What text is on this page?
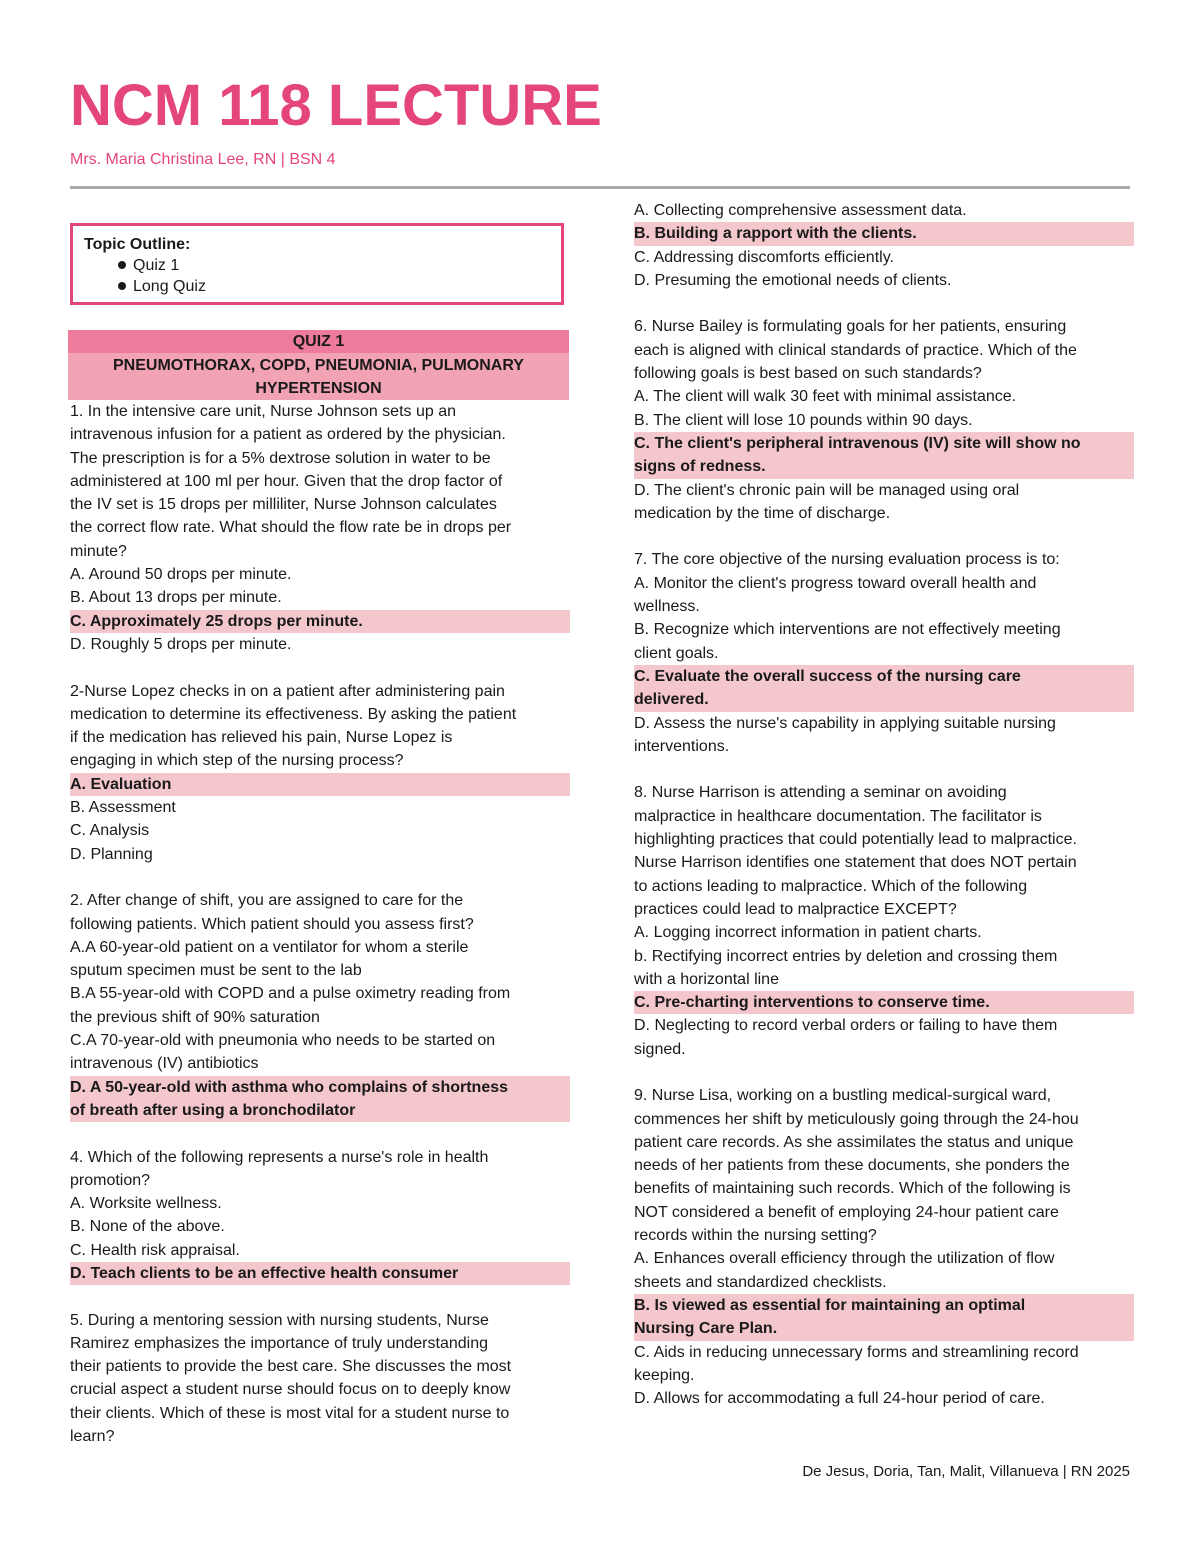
NCM 118 LECTURE
Mrs. Maria Christina Lee, RN | BSN 4
Topic Outline:
Quiz 1
Long Quiz
QUIZ 1
PNEUMOTHORAX, COPD, PNEUMONIA, PULMONARY HYPERTENSION

1. In the intensive care unit, Nurse Johnson sets up an

intravenous infusion for a patient as ordered by the physician.

The prescription is for a 5% dextrose solution in water to be

administered at 100 ml per hour. Given that the drop factor of

the IV set is 15 drops per milliliter, Nurse Johnson calculates

the correct flow rate. What should the flow rate be in drops per

minute?

A. Around 50 drops per minute.

B. About 13 drops per minute.

C. Approximately 25 drops per minute.

D. Roughly 5 drops per minute.

2-Nurse Lopez checks in on a patient after administering pain

medication to determine its effectiveness. By asking the patient

if the medication has relieved his pain, Nurse Lopez is

engaging in which step of the nursing process?

A. Evaluation

B. Assessment

C. Analysis

D. Planning

2. After change of shift, you are assigned to care for the

following patients. Which patient should you assess first?

A.A 60-year-old patient on a ventilator for whom a sterile

sputum specimen must be sent to the lab

B.A 55-year-old with COPD and a pulse oximetry reading from

the previous shift of 90% saturation

C.A 70-year-old with pneumonia who needs to be started on

intravenous (IV) antibiotics

D. A 50-year-old with asthma who complains of shortness

of breath after using a bronchodilator

4. Which of the following represents a nurse's role in health

promotion?

A. Worksite wellness.

B. None of the above.

C. Health risk appraisal.

D. Teach clients to be an effective health consumer

5. During a mentoring session with nursing students, Nurse

Ramirez emphasizes the importance of truly understanding

their patients to provide the best care. She discusses the most

crucial aspect a student nurse should focus on to deeply know

their clients. Which of these is most vital for a student nurse to

learn?

A. Collecting comprehensive assessment data.

B. Building a rapport with the clients.

C. Addressing discomforts efficiently.

D. Presuming the emotional needs of clients.

6. Nurse Bailey is formulating goals for her patients, ensuring

each is aligned with clinical standards of practice. Which of the

following goals is best based on such standards?

A. The client will walk 30 feet with minimal assistance.

B. The client will lose 10 pounds within 90 days.

C. The client's peripheral intravenous (IV) site will show no

signs of redness.

D. The client's chronic pain will be managed using oral

medication by the time of discharge.

7. The core objective of the nursing evaluation process is to:

A. Monitor the client's progress toward overall health and

wellness.

B. Recognize which interventions are not effectively meeting

client goals.

C. Evaluate the overall success of the nursing care

delivered.

D. Assess the nurse's capability in applying suitable nursing

interventions.

8. Nurse Harrison is attending a seminar on avoiding

malpractice in healthcare documentation. The facilitator is

highlighting practices that could potentially lead to malpractice.

Nurse Harrison identifies one statement that does NOT pertain

to actions leading to malpractice. Which of the following

practices could lead to malpractice EXCEPT?

A. Logging incorrect information in patient charts.

b. Rectifying incorrect entries by deletion and crossing them

with a horizontal line

C. Pre-charting interventions to conserve time.

D. Neglecting to record verbal orders or failing to have them

signed.

9. Nurse Lisa, working on a bustling medical-surgical ward,

commences her shift by meticulously going through the 24-hou

patient care records. As she assimilates the status and unique

needs of her patients from these documents, she ponders the

benefits of maintaining such records. Which of the following is

NOT considered a benefit of employing 24-hour patient care

records within the nursing setting?

A. Enhances overall efficiency through the utilization of flow

sheets and standardized checklists.

B. Is viewed as essential for maintaining an optimal

Nursing Care Plan.

C. Aids in reducing unnecessary forms and streamlining record

keeping.

D. Allows for accommodating a full 24-hour period of care.

De Jesus, Doria, Tan, Malit, Villanueva | RN 2025
